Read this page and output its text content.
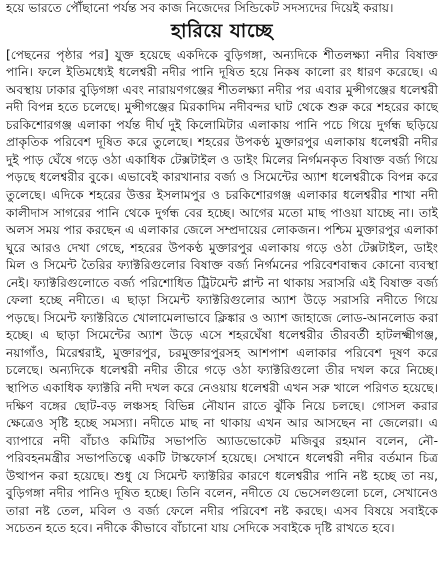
হয়ে ভারতে পৌঁছানো পর্যন্ত সব কাজ নিজেদের সিন্ডিকেট সদস্যদের দিয়েই করায়।

হারিয়ে যাচ্ছে

[পেছনের পৃষ্ঠার পর] যুক্ত হয়েছে একদিকে বুড়িগঙ্গা, অন্যদিকে শীতলক্ষ্যা নদীর বিষাক্ত পানি। ফলে ইতিমধ্যেই ধলেশ্বরী নদীর পানি দূষিত হয়ে নিকষ কালো রং ধারণ করেছে। এ অবস্থায় ঢাকার বুড়িগঙ্গা এবং নারায়ণগঞ্জের শীতলক্ষ্যা নদীর পর এবার মুন্সীগঞ্জের ধলেশ্বরী নদী বিপন্ন হতে চলেছে। মুন্সীগঞ্জের মিরকাদিম নদীবন্দর ঘাট থেকে শুরু করে শহরের কাছে চরকিশোরগঞ্জ এলাকা পর্যন্ত দীর্ঘ দুই কিলোমিটার এলাকায় পানি পচে গিয়ে দুর্গন্ধ ছড়িয়ে প্রাকৃতিক পরিবেশ দূষিত করে তুলেছে। শহরের উপকণ্ঠ মুক্তারপুর এলাকায় ধলেশ্বরী নদীর দুই পাড় ঘেঁষে গড়ে ওঠা একাধিক টেক্সটাইল ও ডাইং মিলের নির্গমনকৃত বিষাক্ত বর্জ্য গিয়ে পড়ছে ধলেশ্বরীর বুকে। এভাবেই কারখানার বর্জ্য ও সিমেন্টের অ্যাশ ধলেশ্বরীকে বিপন্ন করে তুলেছে। এদিকে শহরের উত্তর ইসলামপুর ও চরকিশোরগঞ্জ এলাকার ধলেশ্বরীর শাখা নদী কালীদাস সাগরের পানি থেকে দুর্গন্ধ বের হচ্ছে। আগের মতো মাছ পাওয়া যাচ্ছে না। তাই অলস সময় পার করছেন এ এলাকার জেলে সম্প্রদায়ের লোকজন। পশ্চিম মুক্তারপুর এলাকা ঘুরে আরও দেখা গেছে, শহরের উপকণ্ঠ মুক্তারপুর এলাকায় গড়ে ওঠা টেক্সটাইল, ডাইং মিল ও সিমেন্ট তৈরির ফ্যাক্টরিগুলোর বিষাক্ত বর্জ্য নির্গমনের পরিবেশবান্ধব কোনো ব্যবস্থা নেই। ফ্যাক্টরিগুলোতে বর্জ্য পরিশোধিত ট্রিটমেন্ট প্লান্ট না থাকায় সরাসরি এই বিষাক্ত বর্জ্য ফেলা হচ্ছে নদীতে। এ ছাড়া সিমেন্ট ফ্যাক্টরিগুলোর অ্যাশ উড়ে সরাসরি নদীতে গিয়ে পড়ছে। সিমেন্ট ফ্যাক্টরিতে খোলামেলাভাবে ক্লিঙ্কার ও অ্যাশ জাহাজে লোড-আনলোড করা হচ্ছে। এ ছাড়া সিমেন্টের অ্যাশ উড়ে এসে শহরঘেঁষা ধলেশ্বরীর তীরবর্তী হাটলক্ষ্মীগঞ্জ, নয়াগাঁও, মিরেশ্বরাই, মুক্তারপুর, চরমুক্তারপুরসহ আশপাশ এলাকার পরিবেশ দূষণ করে চলেছে। অন্যদিকে ধলেশ্বরী নদীর তীরে গড়ে ওঠা ফ্যাক্টরিগুলো তীর দখল করে নিচ্ছে। স্থাপিত একাধিক ফ্যাক্টরি নদী দখল করে নেওয়ায় ধলেশ্বরী এখন সরু খালে পরিণত হয়েছে। দক্ষিণ বঙ্গের ছোট-বড় লঞ্চসহ বিভিন্ন নৌযান রাতে ঝুঁকি নিয়ে চলছে। গোসল করার ক্ষেত্রেও সৃষ্টি হচ্ছে সমস্যা। নদীতে মাছ না থাকায় এখন আর আসছেন না জেলেরা। এ ব্যাপারে নদী বাঁচাও কমিটির সভাপতি অ্যাডভোকেট মজিবুর রহমান বলেন, নৌ-পরিবহনমন্ত্রীর সভাপতিত্বে একটি টাস্কফোর্স হয়েছে। সেখানে ধলেশ্বরী নদীর বর্তমান চিত্র উত্থাপন করা হয়েছে। শুধু যে সিমেন্ট ফ্যাক্টরির কারণে ধলেশ্বরীর পানি নষ্ট হচ্ছে তা নয়, বুড়িগঙ্গা নদীর পানিও দূষিত হচ্ছে। তিনি বলেন, নদীতে যে ভেসেলগুলো চলে, সেখানেও তারা নষ্ট তেল, মবিল ও বর্জ্য ফেলে নদীর পরিবেশ নষ্ট করছে। এসব বিষয়ে সবাইকে সচেতন হতে হবে। নদীকে কীভাবে বাঁচানো যায় সেদিকে সবাইকে দৃষ্টি রাখতে হবে।
